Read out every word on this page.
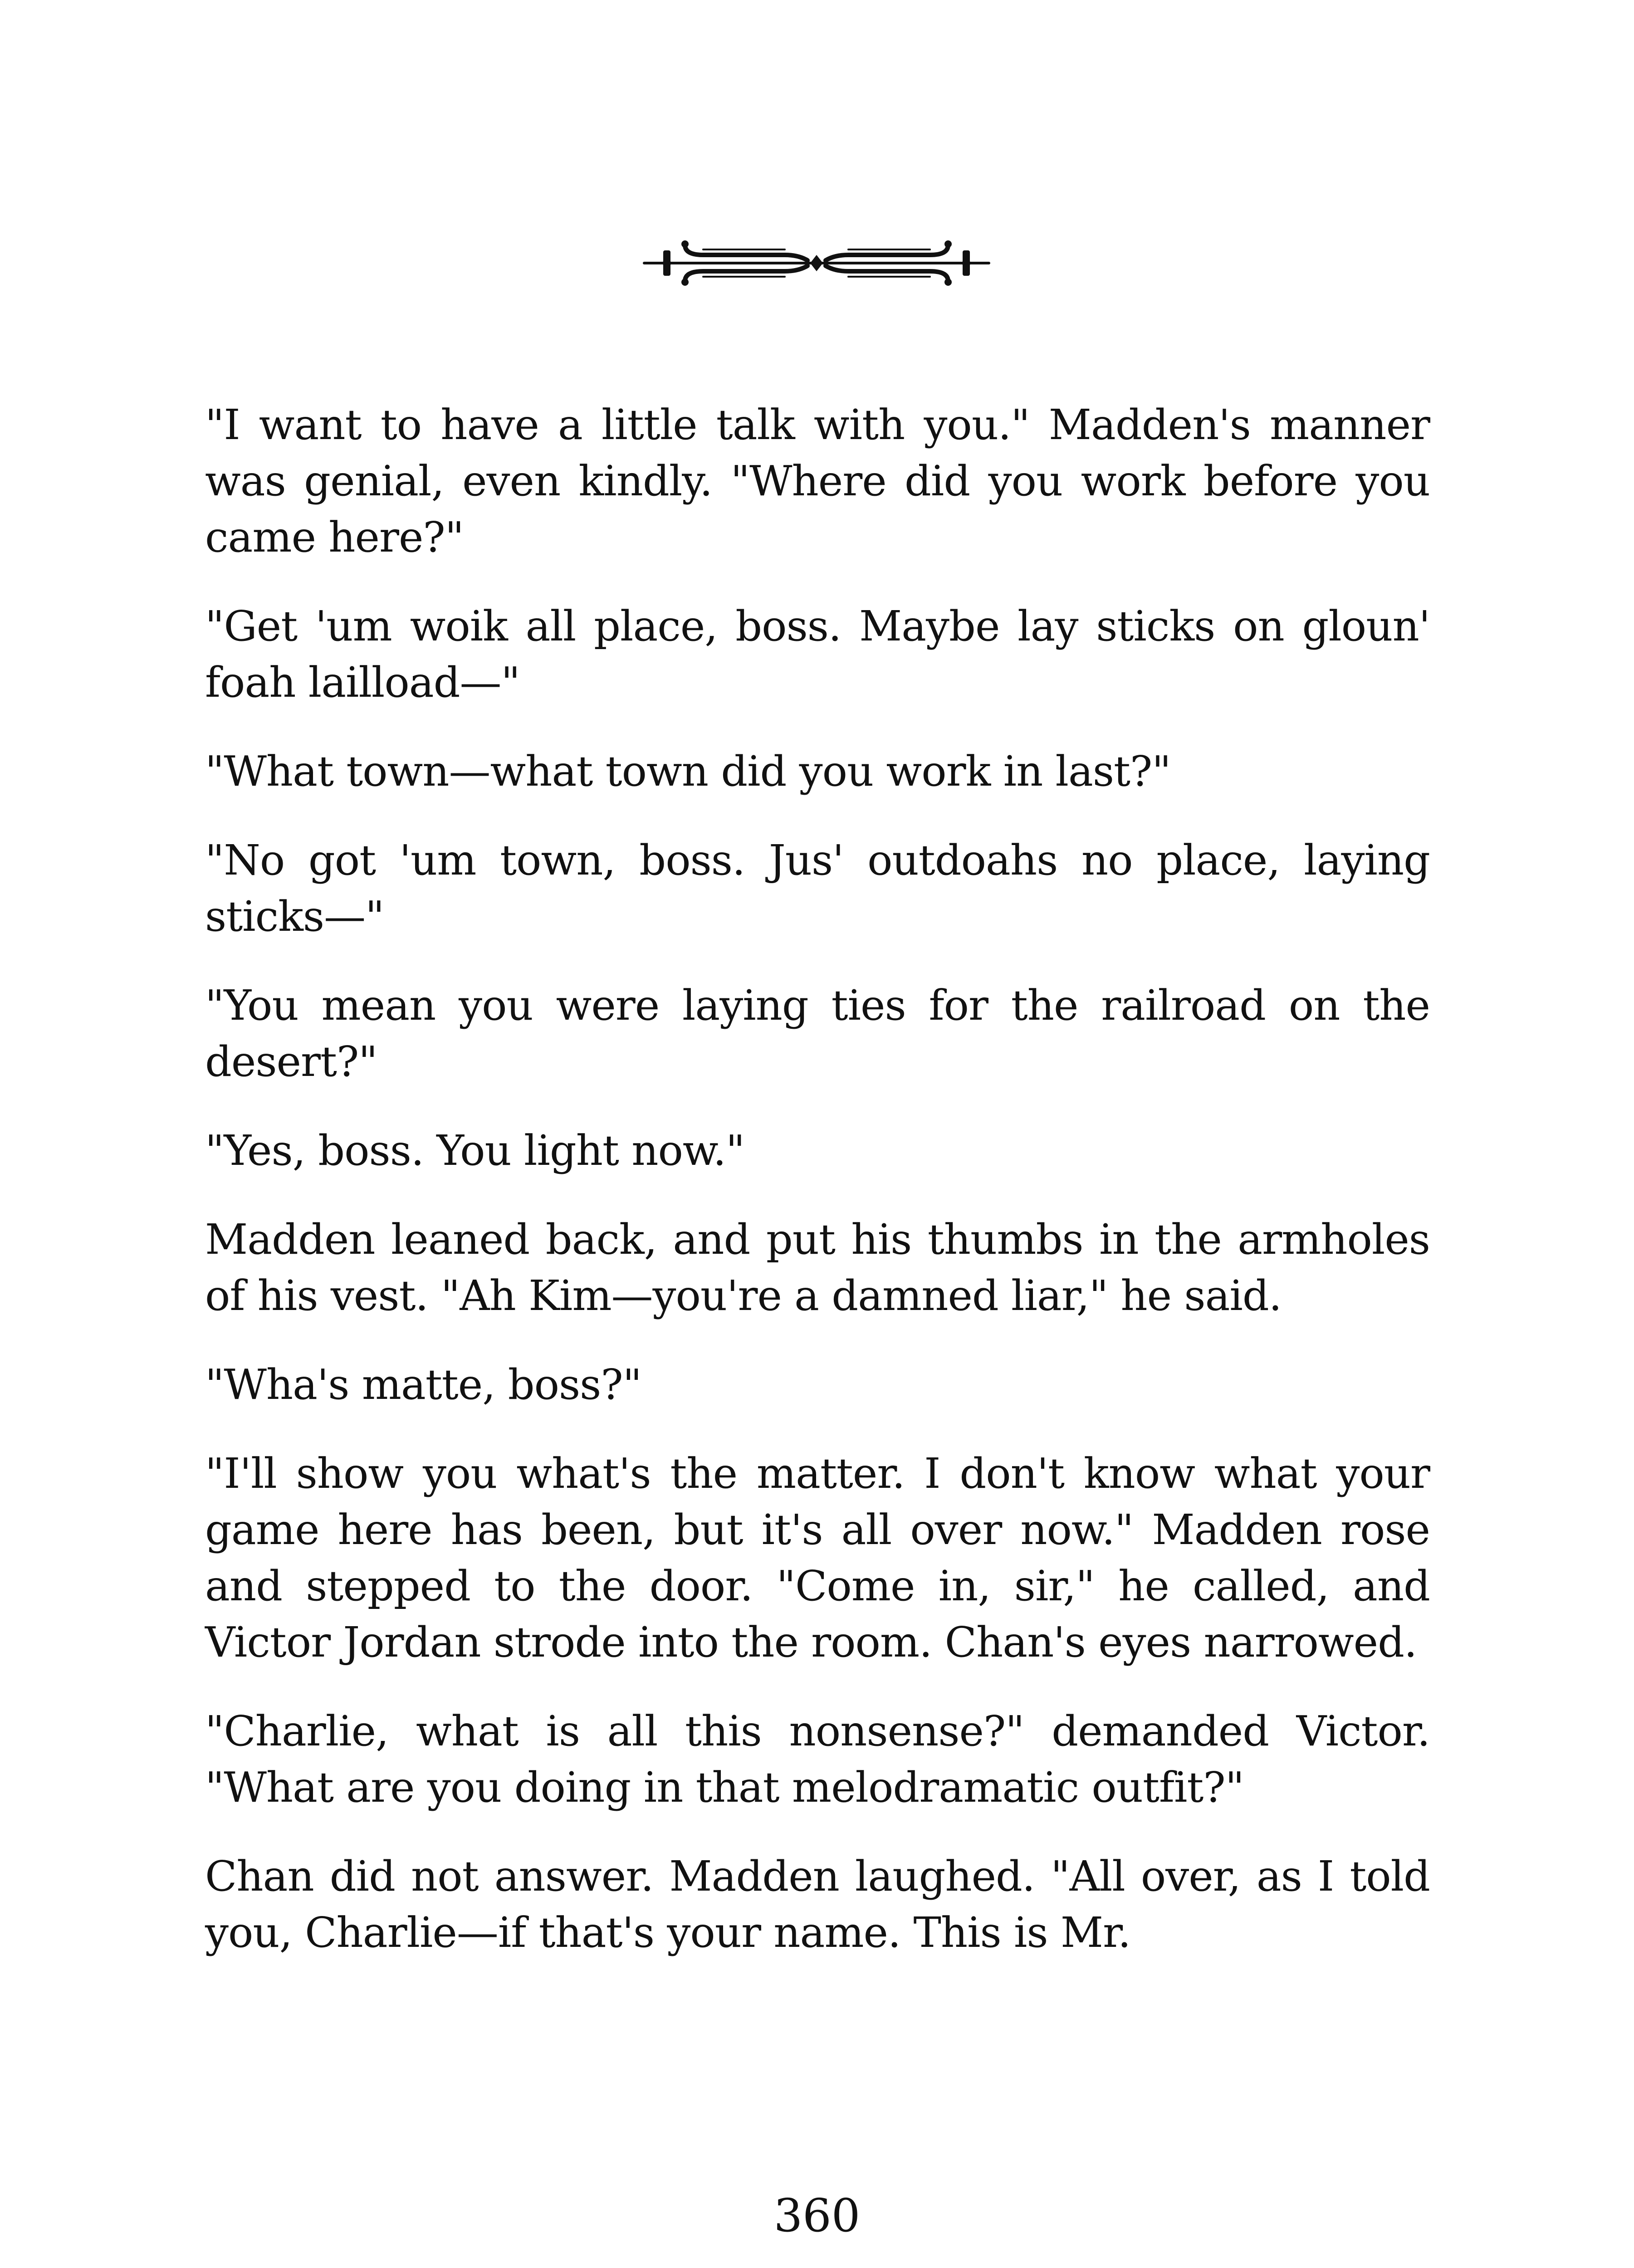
"I want to have a little talk with you." Madden's manner was genial, even kindly. "Where did you work before you came here?"

"Get 'um woik all place, boss. Maybe lay sticks on gloun' foah lailload—"

"What town—what town did you work in last?"

"No got 'um town, boss. Jus' outdoahs no place, laying sticks—"

"You mean you were laying ties for the railroad on the desert?"

"Yes, boss. You light now."

Madden leaned back, and put his thumbs in the armholes of his vest. "Ah Kim—you're a damned liar," he said.

"Wha's matte, boss?"

"I'll show you what's the matter. I don't know what your game here has been, but it's all over now." Madden rose and stepped to the door. "Come in, sir," he called, and Victor Jordan strode into the room. Chan's eyes narrowed.

"Charlie, what is all this nonsense?" demanded Victor. "What are you doing in that melodramatic outfit?"

Chan did not answer. Madden laughed. "All over, as I told you, Charlie—if that's your name. This is Mr.

360
